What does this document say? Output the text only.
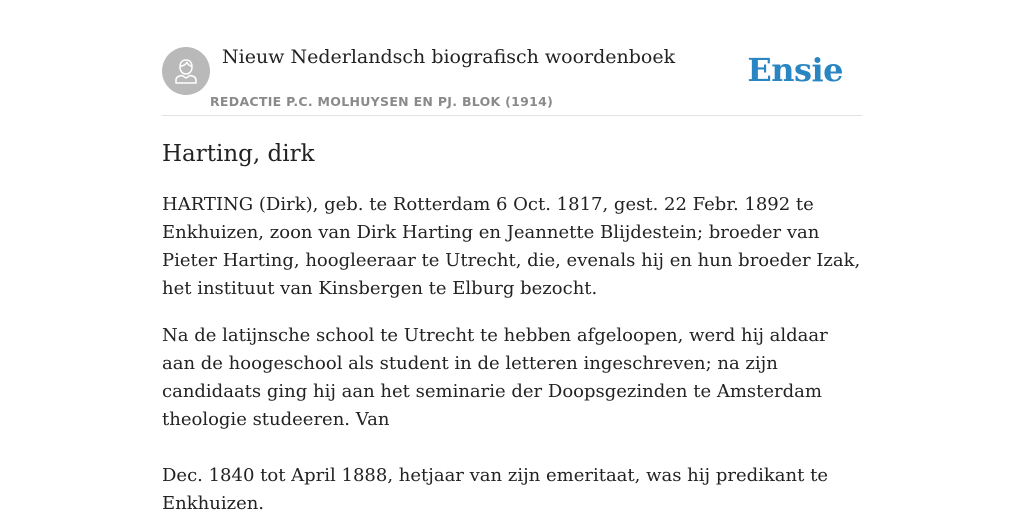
Nieuw Nederlandsch biografisch woordenboek
REDACTIE P.C. MOLHUYSEN EN PJ. BLOK (1914)
Ensie
Harting, dirk

HARTING (Dirk), geb. te Rotterdam 6 Oct. 1817, gest. 22 Febr. 1892 te Enkhuizen, zoon van Dirk Harting en Jeannette Blijdestein; broeder van Pieter Harting, hoogleeraar te Utrecht, die, evenals hij en hun broeder Izak, het instituut van Kinsbergen te Elburg bezocht.

Na de latijnsche school te Utrecht te hebben afgeloopen, werd hij aldaar aan de hoogeschool als student in de letteren ingeschreven; na zijn candidaats ging hij aan het seminarie der Doopsgezinden te Amsterdam theologie studeeren. Van

Dec. 1840 tot April 1888, hetjaar van zijn emeritaat, was hij predikant te Enkhuizen.
